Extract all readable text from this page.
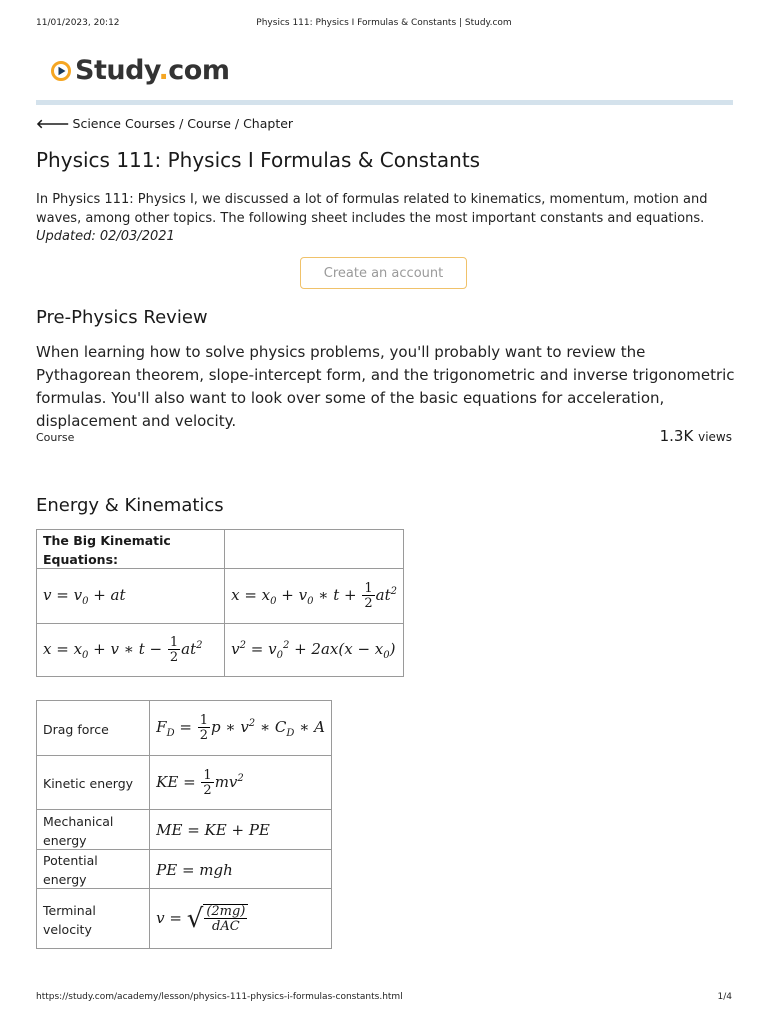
11/01/2023, 20:12	Physics 111: Physics I Formulas & Constants | Study.com
Study.com
🡐 Science Courses / Course / Chapter
Physics 111: Physics I Formulas & Constants
In Physics 111: Physics I, we discussed a lot of formulas related to kinematics, momentum, motion and waves, among other topics. The following sheet includes the most important constants and equations.
Updated: 02/03/2021
Create an account
Pre-Physics Review
When learning how to solve physics problems, you'll probably want to review the Pythagorean theorem, slope-intercept form, and the trigonometric and inverse trigonometric formulas. You'll also want to look over some of the basic equations for acceleration, displacement and velocity.
Course	1.3K views
Energy & Kinematics
The Big Kinematic Equations:	
$v = v_0$ + at	$x = x_0 + v_0$ ∗ $t + \frac{1}{2} at^2$
$x = x_0 + v$ ∗ $t - \frac{1}{2} at^2$	$v^2 = v_0^2 + 2ax(x - x_0)$
Drag force	$F_D = \frac{1}{2}$ p ∗ $v^2$ ∗ $C_D$ ∗ A
Kinetic energy	KE = $\frac{1}{2} mv^2$
Mechanical energy	ME = KE + PE
Potential energy	PE = mgh
Terminal velocity	v = √ $\frac{(2mg)}{\text{dAC}}$
https://study.com/academy/lesson/physics-111-physics-i-formulas-constants.html	1/4
